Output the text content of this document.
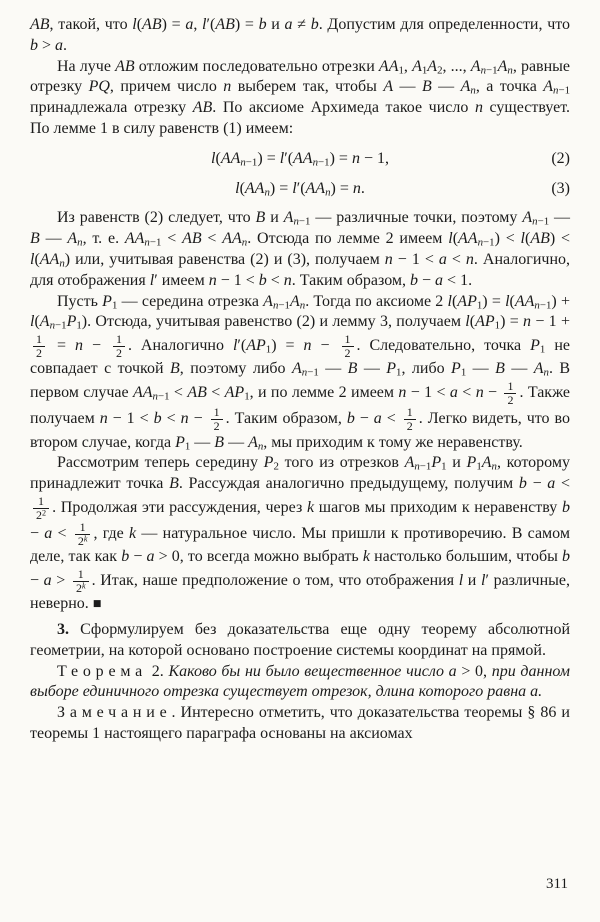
AB, такой, что l(AB) = a, l′(AB) = b и a ≠ b. Допустим для определенности, что b > a.

На луче AB отложим последовательно отрезки $AA_1$, $A_1A_2$, ..., $A_{n-1}A_n$, равные отрезку PQ, причем число n выберем так, чтобы A — B — $A_n$, а точка $A_{n-1}$ принадлежала отрезку AB. По аксиоме Архимеда такое число n существует. По лемме 1 в силу равенств (1) имеем:

$l(AA_{n-1}) = l'(AA_{n-1}) = n - 1$,	(2)
$l(AA_n) = l'(AA_n) = n$.	(3)

Из равенств (2) следует, что B и $A_{n-1}$ — различные точки, поэтому $A_{n-1}$ — B — $A_n$, т. е. $AA_{n-1}$ < AB < $AA_n$. Отсюда по лемме 2 имеем $l(AA_{n-1}) < l(AB) < l(AA_n)$ или, учитывая равенства (2) и (3), получаем n − 1 < a < n. Аналогично, для отображения l′ имеем n − 1 < b < n. Таким образом, b − a < 1.

Пусть $P_1$ — середина отрезка $A_{n-1}A_n$. Тогда по аксиоме 2 $l(AP_1) = l(AA_{n-1}) + l(A_{n-1}P_1)$. Отсюда, учитывая равенство (2) и лемму 3, получаем $l(AP_1) = n - 1$ +
$\frac{1}{2} = n - \frac{1}{2}$ . Аналогично $l'(AP_1) = n - \frac{1}{2}$ . Следовательно, точка $P_1$ не совпадает с точкой B, поэтому либо $A_{n-1}$ — B — $P_1$, либо $P_1$ — B — $A_n$. В первом случае $AA_{n-1}$ < AB < $AP_1$, и по лемме 2 имеем $n - 1 < a < n - \frac{1}{2}$ . Также получаем $n - 1 < b < n - \frac{1}{2}$ . Таким образом, $b - a < \frac{1}{2}$ . Легко видеть, что во втором случае, когда $P_1$ — B — $A_n$, мы приходим к тому же неравенству.

Рассмотрим теперь середину $P_2$ того из отрезков $A_{n-1}P_1$ и $P_1A_n$, которому принадлежит точка B. Рассуждая аналогично предыдущему, получим b − a <
$\frac{1}{2^2}$ . Продолжая эти рассуждения, через k шагов мы приходим к неравенству $b - a < \frac{1}{2^k}$ , где k — натуральное число. Мы пришли к противоречию. В самом деле, так как b − a > 0, то всегда можно выбрать k настолько большим, чтобы $b - a > \frac{1}{2^k}$ . Итак, наше предположение о том, что отображения l и l′ различные, неверно. ■

3. Сформулируем без доказательства еще одну теорему абсолютной геометрии, на которой основано построение системы координат на прямой.

Теорема 2. Каково бы ни было вещественное число a > 0, при данном выборе единичного отрезка существует отрезок, длина которого равна a.

Замечание. Интересно отметить, что доказательства теоремы § 86 и теоремы 1 настоящего параграфа основаны на аксиомах

311
